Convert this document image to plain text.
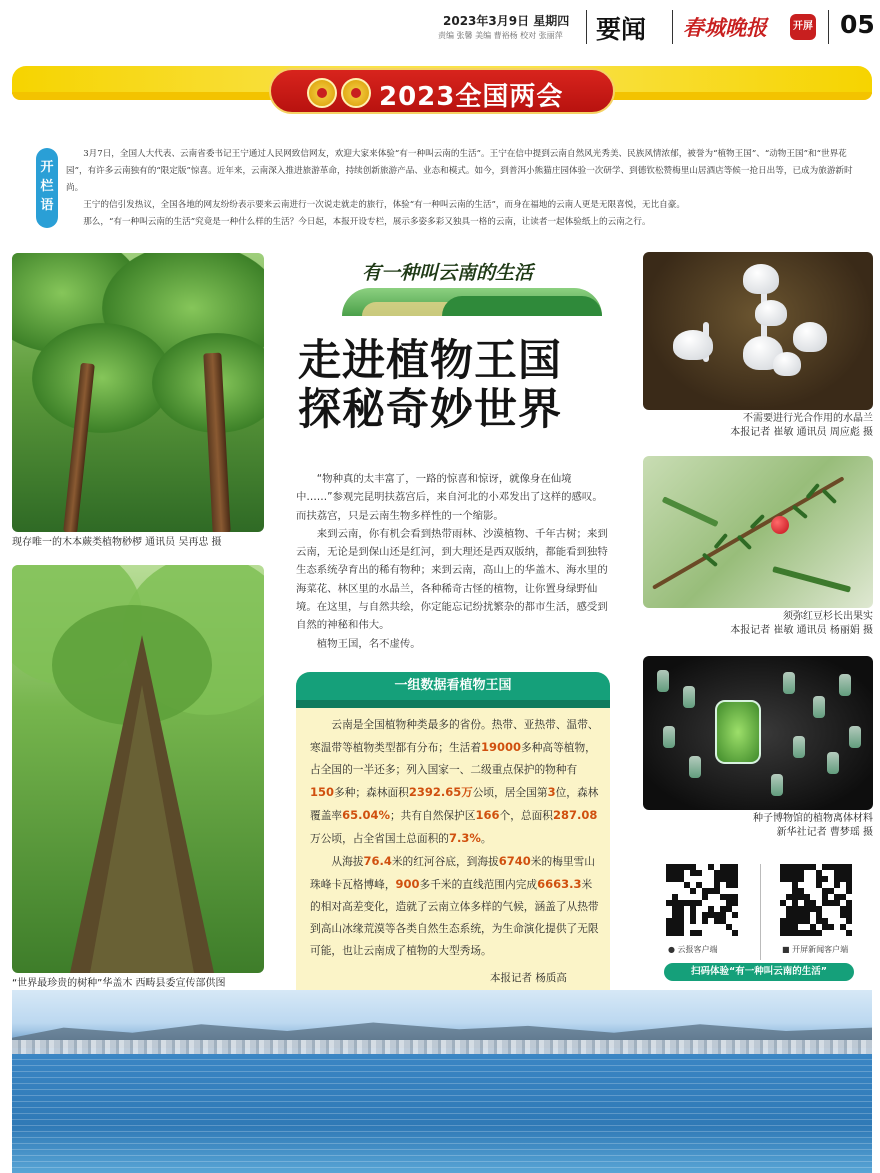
2023年3月9日 星期四
责编 张馨 美编 曹裕杨 校对 张丽萍 要闻 春城晚报	开屏 05
2023全国两会
开栏语

3月7日，全国人大代表、云南省委书记王宁通过人民网致信网友，欢迎大家来体验“有一种叫云南的生活”。王宁在信中提到云南自然风光秀美、民族风情浓郁，被誉为“植物王国”、“动物王国”和“世界花园”，有许多云南独有的“限定版”惊喜。近年来，云南深入推进旅游革命，持续创新旅游产品、业态和模式。如今，到普洱小熊猫庄园体验一次研学、到德钦松赞梅里山居酒店等候一抢日出等，已成为旅游新时尚。

王宁的信引发热议，全国各地的网友纷纷表示要来云南进行一次说走就走的旅行，体验“有一种叫云南的生活”，而身在福地的云南人更是无限喜悦，无比自豪。

那么，“有一种叫云南的生活”究竟是一种什么样的生活？今日起，本报开设专栏，展示多姿多彩又独具一格的云南，让读者一起体验纸上的云南之行。

现存唯一的木本蕨类植物桫椤 通讯员 吴再忠 摄
“世界最珍贵的树种”华盖木 西畴县委宣传部供图
有一种叫云南的生活
走进植物王国
探秘奇妙世界

“物种真的太丰富了，一路的惊喜和惊讶，就像身在仙境中……”参观完昆明扶荔宫后，来自河北的小邓发出了这样的感叹。而扶荔宫，只是云南生物多样性的一个缩影。

来到云南，你有机会看到热带雨林、沙漠植物、千年古树；来到云南，无论是到保山还是红河，到大理还是西双版纳，都能看到独特生态系统孕育出的稀有物种；来到云南，高山上的华盖木、海水里的海菜花、林区里的水晶兰，各种稀奇古怪的植物，让你置身绿野仙境。在这里，与自然共绘，你定能忘记纷扰繁杂的都市生活，感受到自然的神秘和伟大。

植物王国，名不虚传。

一组数据看植物王国

云南是全国植物种类最多的省份。热带、亚热带、温带、寒温带等植物类型都有分布；生活着19000多种高等植物，占全国的一半还多；列入国家一、二级重点保护的物种有150多种；森林面积2392.65万公顷，居全国第3位，森林覆盖率65.04%；共有自然保护区166个，总面积287.08万公顷，占全省国土总面积的7.3%。

从海拔76.4米的红河谷底，到海拔6740米的梅里雪山珠峰卡瓦格博峰，900多千米的直线范围内完成6663.3米的相对高差变化，造就了云南立体多样的气候，涵盖了从热带到高山冰缘荒漠等各类自然生态系统，为生命演化提供了无限可能，也让云南成了植物的大型秀场。

本报记者 杨质高
不需要进行光合作用的水晶兰
本报记者 崔敏 通讯员 周应彪 摄
须弥红豆杉长出果实
本报记者 崔敏 通讯员 杨丽娟 摄
种子博物馆的植物离体材料
新华社记者 曹梦瑶 摄
● 云报客户端	■ 开屏新闻客户端
扫码体验“有一种叫云南的生活”
